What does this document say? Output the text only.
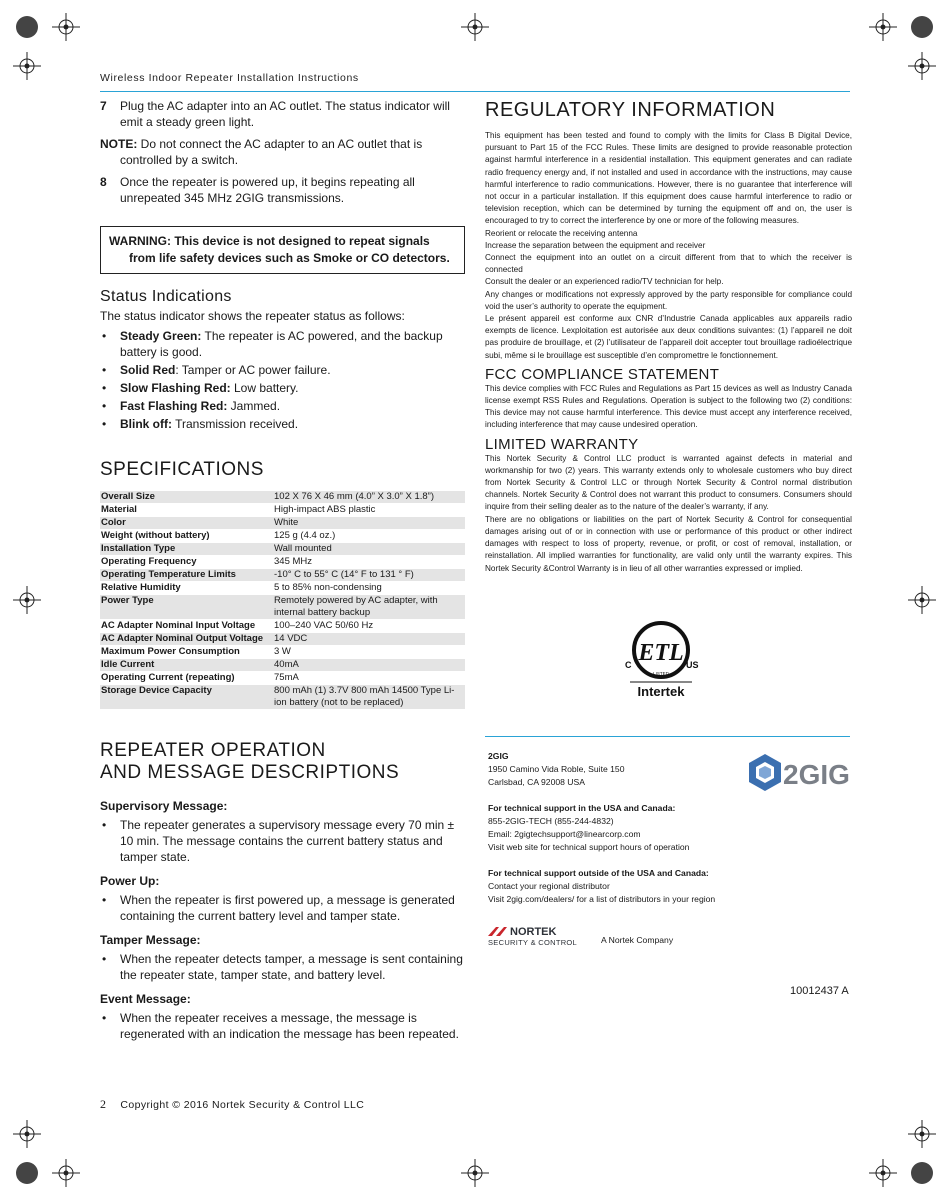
Wireless Indoor Repeater Installation Instructions
7	Plug the AC adapter into an AC outlet. The status indicator will emit a steady green light.
NOTE: Do not connect the AC adapter to an AC outlet that is controlled by a switch.
8	Once the repeater is powered up, it begins repeating all unrepeated 345 MHz 2GIG transmissions.
WARNING: This device is not designed to repeat signals
from life safety devices such as Smoke or CO detectors.
Status Indications

The status indicator shows the repeater status as follows:

• Steady Green: The repeater is AC powered, and the backup battery is good.
• Solid Red: Tamper or AC power failure.
• Slow Flashing Red: Low battery.
• Fast Flashing Red: Jammed.
• Blink off: Transmission received.
SPECIFICATIONS
Overall Size	102 X 76 X 46 mm (4.0” X 3.0” X 1.8”)
Material	High-impact ABS plastic
Color	White
Weight (without battery)	125 g (4.4 oz.)
Installation Type	Wall mounted
Operating Frequency	345 MHz
Operating Temperature Limits	-10° C to 55° C (14° F to 131 ° F)
Relative Humidity	5 to 85% non-condensing
Power Type	Remotely powered by AC adapter, with internal battery backup
AC Adapter Nominal Input Voltage	100–240 VAC 50/60 Hz
AC Adapter Nominal Output Voltage	14 VDC
Maximum Power Consumption	3 W
Idle Current	40mA
Operating Current (repeating)	75mA
Storage Device Capacity	800 mAh (1) 3.7V 800 mAh 14500 Type Li-ion battery (not to be replaced)
REPEATER OPERATION
AND MESSAGE DESCRIPTIONS
Supervisory Message:
• The repeater generates a supervisory message every 70 min ± 10 min. The message contains the current battery status and tamper state.
Power Up:
• When the repeater is first powered up, a message is generated containing the current battery level and tamper state.
Tamper Message:
• When the repeater detects tamper, a message is sent containing the repeater state, tamper state, and battery level.
Event Message:
• When the repeater receives a message, the message is regenerated with an indication the message has been repeated.
REGULATORY INFORMATION

This equipment has been tested and found to comply with the limits for Class B Digital Device, pursuant to Part 15 of the FCC Rules. These limits are designed to provide reasonable protection against harmful interference in a residential installation. This equipment generates and can radiate radio frequency energy and, if not installed and used in accordance with the instructions, may cause harmful interference to radio communications. However, there is no guarantee that interference will not occur in a particular installation. If this equipment does cause harmful interference to radio or television reception, which can be determined by turning the equipment off and on, the user is encouraged to try to correct the interference by one or more of the following measures.

Reorient or relocate the receiving antenna

Increase the separation between the equipment and receiver

Connect the equipment into an outlet on a circuit different from that to which the receiver is connected

Consult the dealer or an experienced radio/TV technician for help.

Any changes or modifications not expressly approved by the party responsible for compliance could void the user’s authority to operate the equipment.

Le présent appareil est conforme aux CNR d’Industrie Canada applicables aux appareils radio exempts de licence. Lexploitation est autorisée aux deux conditions suivantes: (1) l’appareil ne doit pas produire de brouillage, et (2) l’utilisateur de l’appareil doit accepter tout brouillage radioélectrique subi, même si le brouillage est susceptible d’en compromettre le fonctionnement.

FCC COMPLIANCE STATEMENT

This device complies with FCC Rules and Regulations as Part 15 devices as well as Industry Canada license exempt RSS Rules and Regulations. Operation is subject to the following two (2) conditions: This device may not cause harmful interference. This device must accept any interference received, including interference that may cause undesired operation.

LIMITED WARRANTY

This Nortek Security & Control LLC product is warranted against defects in material and workmanship for two (2) years. This warranty extends only to wholesale customers who buy direct from Nortek Security & Control LLC or through Nortek Security & Control normal distribution channels. Nortek Security & Control does not warrant this product to consumers. Consumers should inquire from their selling dealer as to the nature of the dealer’s warranty, if any.

There are no obligations or liabilities on the part of Nortek Security & Control for consequential damages arising out of or in connection with use or performance of this product or other indirect damages with respect to loss of property, revenue, or profit, or cost of removal, installation, or reinstallation. All implied warranties for functionality, are valid only until the warranty expires. This Nortek Security &Control Warranty is in lieu of all other warranties expressed or implied.

ETL
C	US
LISTED
Intertek
2GIG
1950 Camino Vida Roble, Suite 150
Carlsbad, CA 92008 USA
For technical support in the USA and Canada:
855-2GIG-TECH (855-244-4832)
Email: 2gigtechsupport@linearcorp.com
Visit web site for technical support hours of operation
For technical support outside of the USA and Canada:
Contact your regional distributor
Visit 2gig.com/dealers/ for a list of distributors in your region
2GIG
NORTEK
SECURITY & CONTROL	A Nortek Company
10012437 A
2 Copyright © 2016 Nortek Security & Control LLC
